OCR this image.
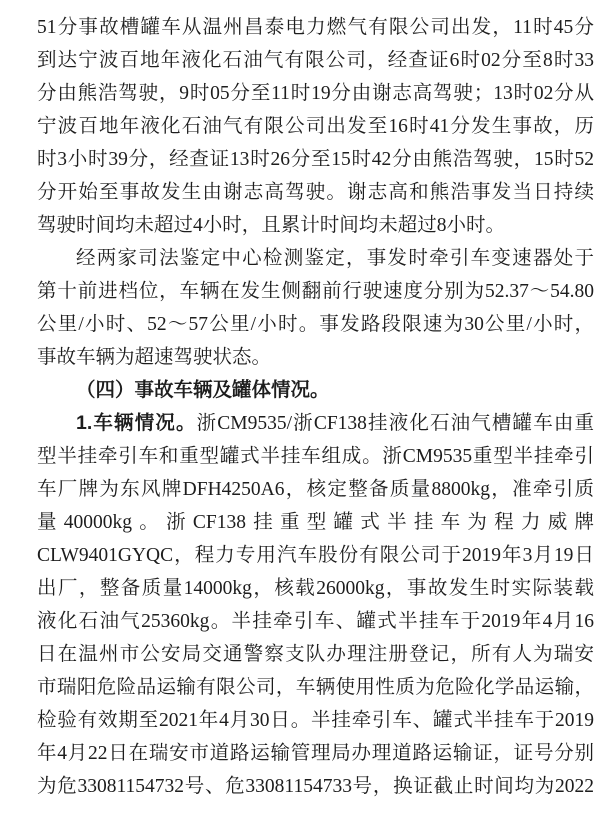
51分事故槽罐车从温州昌泰电力燃气有限公司出发，11时45分
到达宁波百地年液化石油气有限公司，经查证6时02分至8时33
分由熊浩驾驶，9时05分至11时19分由谢志高驾驶；13时02分从
宁波百地年液化石油气有限公司出发至16时41分发生事故，历
时3小时39分，经查证13时26分至15时42分由熊浩驾驶，15时52
分开始至事故发生由谢志高驾驶。谢志高和熊浩事发当日持续
驾驶时间均未超过4小时，且累计时间均未超过8小时。
经两家司法鉴定中心检测鉴定，事发时牵引车变速器处于
第十前进档位，车辆在发生侧翻前行驶速度分别为52.37～54.80
公里/小时、52～57公里/小时。事发路段限速为30公里/小时，
事故车辆为超速驾驶状态。
（四）事故车辆及罐体情况。
1.车辆情况。浙CM9535/浙CF138挂液化石油气槽罐车由重
型半挂牵引车和重型罐式半挂车组成。浙CM9535重型半挂牵引
车厂牌为东风牌DFH4250A6，核定整备质量8800kg，准牵引质
量40000kg。浙CF138挂重型罐式半挂车为程力威牌
CLW9401GYQC，程力专用汽车股份有限公司于2019年3月19日
出厂，整备质量14000kg，核载26000kg，事故发生时实际装载
液化石油气25360kg。半挂牵引车、罐式半挂车于2019年4月16
日在温州市公安局交通警察支队办理注册登记，所有人为瑞安
市瑞阳危险品运输有限公司，车辆使用性质为危险化学品运输，
检验有效期至2021年4月30日。半挂牵引车、罐式半挂车于2019
年4月22日在瑞安市道路运输管理局办理道路运输证，证号分别
为危33081154732号、危33081154733号，换证截止时间均为2022
